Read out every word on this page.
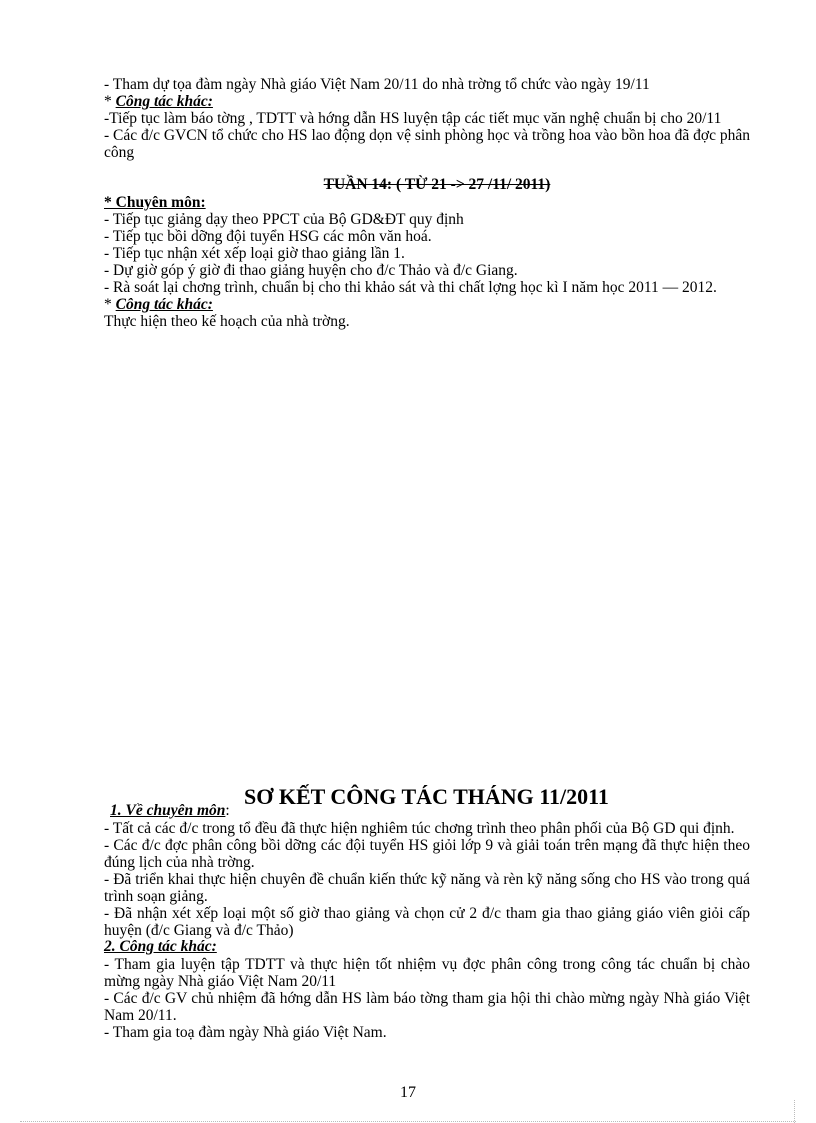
- Tham dự tọa đàm ngày Nhà giáo Việt Nam 20/11 do nhà trờng tổ chức vào ngày 19/11

* Công tác khác:

-Tiếp tục làm báo tờng , TDTT và hớng dẫn HS luyện tập các tiết mục văn nghệ chuẩn bị cho 20/11

- Các đ/c GVCN tổ chức cho HS lao động dọn vệ sinh phòng học và trồng hoa vào bồn hoa đã đợc phân công

TUẦN 14: ( TỪ 21 -> 27 /11/ 2011)

* Chuyên môn:

- Tiếp tục giảng dạy theo PPCT của Bộ GD&ĐT quy định

- Tiếp tục bồi dỡng đội tuyển HSG các môn văn hoá.

- Tiếp tục nhận xét xếp loại giờ thao giảng lần 1.

- Dự giờ góp ý giờ đi thao giảng huyện cho đ/c Thảo và đ/c Giang.

- Rà soát lại chơng trình, chuẩn bị cho thi khảo sát và thi chất lợng học kì I năm học 2011 — 2012.

* Công tác khác:

Thực hiện theo kế hoạch của nhà trờng.

SƠ KẾT CÔNG TÁC THÁNG 11/2011

1. Về chuyên môn:

- Tất cả các đ/c trong tổ đều đã thực hiện nghiêm túc chơng trình theo phân phối của Bộ GD qui định.

- Các đ/c đợc phân công bồi dỡng các đội tuyển HS giỏi lớp 9 và giải toán trên mạng đã thực hiện theo đúng lịch của nhà trờng.

- Đã triển khai thực hiện chuyên đề chuẩn kiến thức kỹ năng và rèn kỹ năng sống cho HS vào trong quá trình soạn giảng.

- Đã nhận xét xếp loại một số giờ thao giảng và chọn cử 2 đ/c tham gia thao giảng giáo viên giỏi cấp huyện (đ/c Giang và đ/c Thảo)

2. Công tác khác:

- Tham gia luyện tập TDTT và thực hiện tốt nhiệm vụ đợc phân công trong công tác chuẩn bị chào mừng ngày Nhà giáo Việt Nam 20/11

- Các đ/c GV chủ nhiệm đã hớng dẫn HS làm báo tờng tham gia hội thi chào mừng ngày Nhà giáo Việt Nam 20/11.

- Tham gia toạ đàm ngày Nhà giáo Việt Nam.

17
